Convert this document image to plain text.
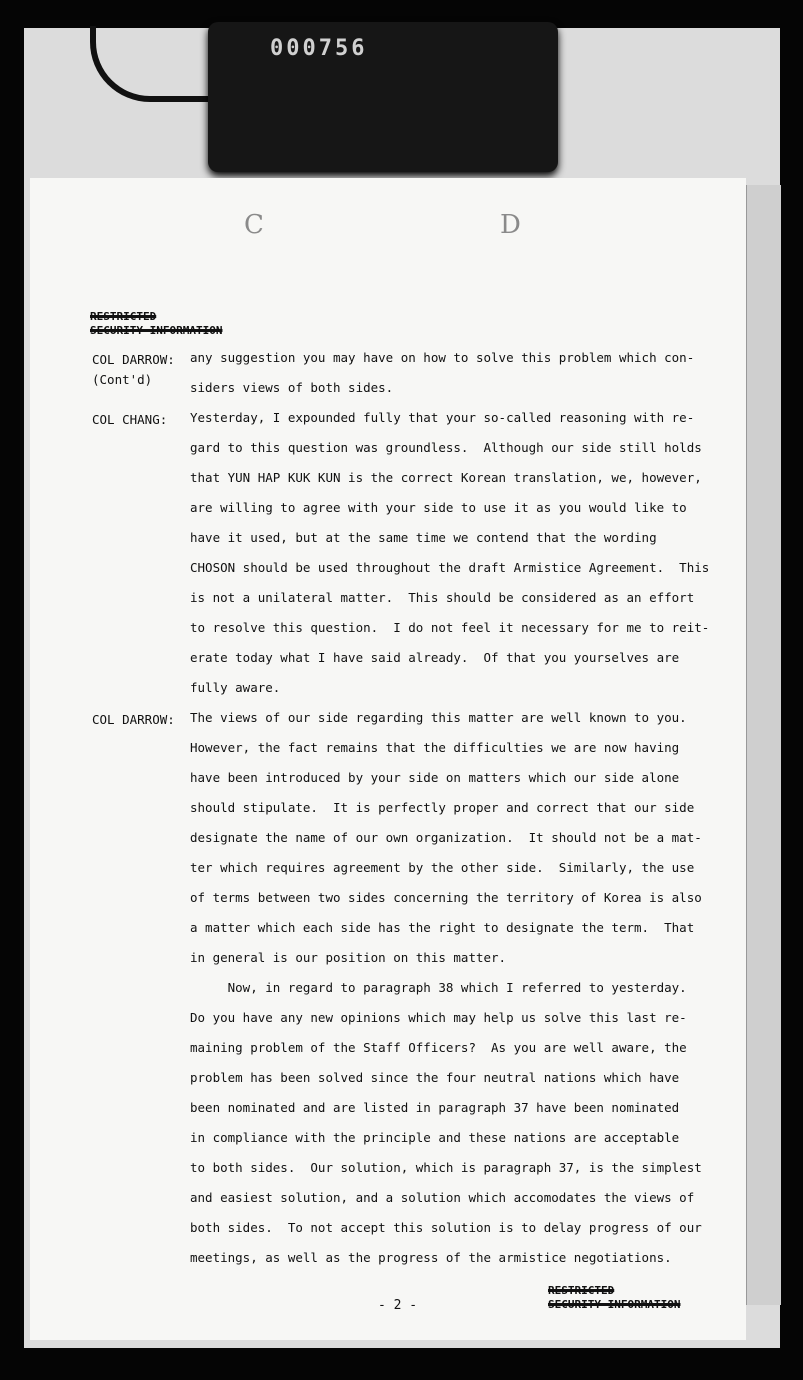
000756
C	D
RESTRICTED
SECURITY INFORMATION
COL DARROW:
(Cont'd)
any suggestion you may have on how to solve this problem which con-
siders views of both sides.
COL CHANG: Yesterday, I expounded fully that your so-called reasoning with re-
gard to this question was groundless.  Although our side still holds
that YUN HAP KUK KUN is the correct Korean translation, we, however,
are willing to agree with your side to use it as you would like to
have it used, but at the same time we contend that the wording
CHOSON should be used throughout the draft Armistice Agreement.  This
is not a unilateral matter.  This should be considered as an effort
to resolve this question.  I do not feel it necessary for me to reit-
erate today what I have said already.  Of that you yourselves are
fully aware.
COL DARROW: The views of our side regarding this matter are well known to you.
However, the fact remains that the difficulties we are now having
have been introduced by your side on matters which our side alone
should stipulate.  It is perfectly proper and correct that our side
designate the name of our own organization.  It should not be a mat-
ter which requires agreement by the other side.  Similarly, the use
of terms between two sides concerning the territory of Korea is also
a matter which each side has the right to designate the term.  That
in general is our position on this matter.
Now, in regard to paragraph 38 which I referred to yesterday.
Do you have any new opinions which may help us solve this last re-
maining problem of the Staff Officers?  As you are well aware, the
problem has been solved since the four neutral nations which have
been nominated and are listed in paragraph 37 have been nominated
in compliance with the principle and these nations are acceptable
to both sides.  Our solution, which is paragraph 37, is the simplest
and easiest solution, and a solution which accomodates the views of
both sides.  To not accept this solution is to delay progress of our
meetings, as well as the progress of the armistice negotiations.
- 2 -
RESTRICTED
SECURITY INFORMATION
